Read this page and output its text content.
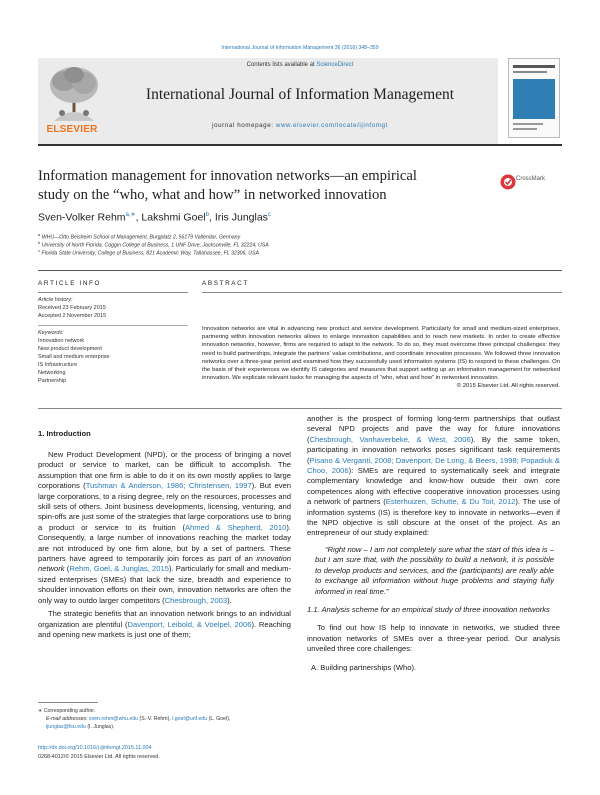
International Journal of Information Management 36 (2016) 348–359
ELSEVIER
Contents lists available at ScienceDirect
International Journal of Information Management
journal homepage: www.elsevier.com/locate/ijinfomgt
Information management for innovation networks—an empirical
study on the “who, what and how” in networked innovation
CrossMark
Sven-Volker Rehm$^{a,∗}$, Lakshmi Goel$^b$, Iris Junglas$^c$
$^a$ WHU—Otto Beisheim School of Management, Burgplatz 2, 56179 Vallendar, Germany
$^b$ University of North Florida, Coggin College of Business, 1 UNF Drive, Jacksonville, FL 32224, USA
$^c$ Florida State University, College of Business, 821 Academic Way, Tallahassee, FL 32306, USA
ARTICLE INFO	ABSTRACT
Article history:
Received 23 February 2015
Accepted 2 November 2015
Keywords:
Innovation network
New product development
Small and medium enterprise
IS Infrastructure
Networking
Partnership
Innovation networks are vital in advancing new product and service development. Particularly for small and medium-sized enterprises, partnering within innovation networks allows to enlarge innovation capabilities and to reach new markets. In order to create effective innovation networks, however, firms are required to adapt to the network. To do so, they must overcome three principal challenges: they need to build partnerships, integrate the partners' value contributions, and coordinate innovation processes. We followed three innovation networks over a three-year period and examined how they successfully used information systems (IS) to respond to these challenges. On the basis of their experiences we identify IS categories and measures that support setting up an information management for networked innovation. We explicate relevant tasks for managing the aspects of “who, what and how” in networked innovation.
© 2015 Elsevier Ltd. All rights reserved.
1. Introduction

New Product Development (NPD), or the process of bringing a novel product or service to market, can be difficult to accomplish. The assumption that one firm is able to do it on its own mostly applies to large corporations (Tushman & Anderson, 1986; Christensen, 1997). But even large corporations, to a rising degree, rely on the resources, processes and skill sets of others. Joint business developments, licensing, venturing, and spin-offs are just some of the strategies that large corporations use to bring a product or service to its fruition (Ahmed & Shepherd, 2010). Consequently, a large number of innovations reaching the market today are not introduced by one firm alone, but by a set of partners. These partners have agreed to temporarily join forces as part of an innovation network (Rehm, Goel, & Junglas, 2015). Particularly for small and medium-sized enterprises (SMEs) that lack the size, breadth and experience to shoulder innovation efforts on their own, innovation networks are often the only way to outdo larger competitors (Chesbrough, 2003).

The strategic benefits that an innovation network brings to an individual organization are plentiful (Davenport, Leibold, & Voelpel, 2006). Reaching and opening new markets is just one of them;

∗ Corresponding author.
E-mail addresses: sven.rehm@whu.edu (S.-V. Rehm), l.goel@unf.edu (L. Goel),
ijunglas@fsu.edu (I. Junglas).
http://dx.doi.org/10.1016/j.ijinfomgt.2015.11.004
0268-4012/© 2015 Elsevier Ltd. All rights reserved.

another is the prospect of forming long-term partnerships that outlast several NPD projects and pave the way for future innovations (Chesbrough, Vanhaverbeke, & West, 2006). By the same token, participating in innovation networks poses significant task requirements (Pisano & Verganti, 2008; Davenport, De Long, & Beers, 1998; Popadiuk & Choo, 2006): SMEs are required to systematically seek and integrate complementary knowledge and know-how outside their own core competences along with effective cooperative innovation processes using a network of partners (Esterhuizen, Schutte, & Du Toit, 2012). The use of information systems (IS) is therefore key to innovate in networks—even if the NPD objective is still obscure at the onset of the project. As an entrepreneur of our study explained:

“Right now – I am not completely sure what the start of this idea is – but I am sure that, with the possibility to build a network, it is possible to develop products and services, and the (participants) are really able to exchange all information without huge problems and staying fully informed in real time.”

1.1. Analysis scheme for an empirical study of three innovation networks

To find out how IS help to innovate in networks, we studied three innovation networks of SMEs over a three-year period. Our analysis unveiled three core challenges:

A. Building partnerships (Who).
